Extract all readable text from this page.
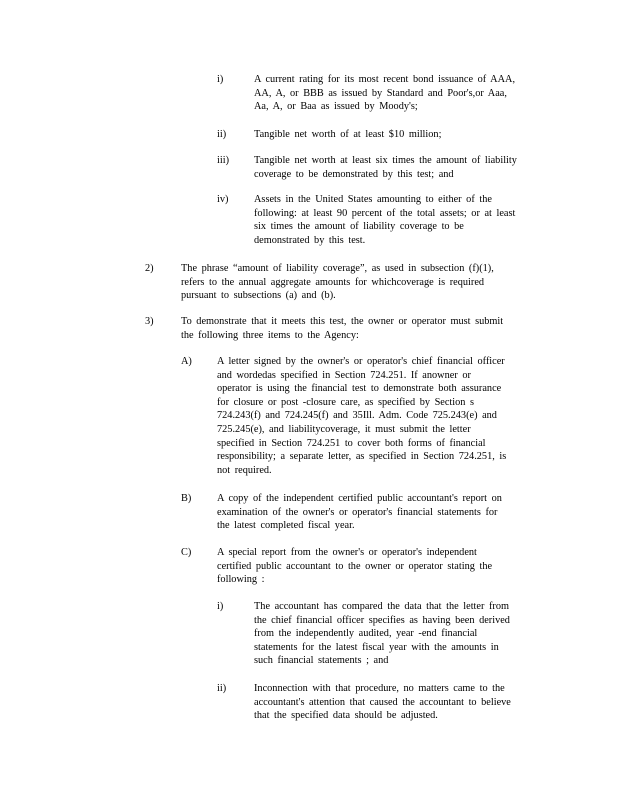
i)	A current rating for its most recent bond issuance of AAA,

AA, A, or BBB as issued by Standard and Poor's,or Aaa,

Aa, A, or Baa as issued by Moody's;

ii)	Tangible net worth of at least $10 million;

iii) Tangible net worth at least six times the amount of liability

coverage to be demonstrated by this test; and

iv) Assets in the United States amounting to either of the

following: at least 90 percent of the total assets; or at least

six times the amount of liability coverage to be

demonstrated by this test.

2)	The phrase “amount of liability coverage”, as used in subsection (f)(1),

refers to the annual aggregate amounts for whichcoverage is required

pursuant to subsections (a) and (b).

3)	To demonstrate that it meets this test, the owner or operator must submit

the following three items to the Agency:

A) A letter signed by the owner's or operator's chief financial officer

and wordedas specified in Section 724.251. If anowner or

operator is using the financial test to demonstrate both assurance

for closure or post -closure care, as specified by Section s

724.243(f) and 724.245(f) and 35Ill. Adm. Code 725.243(e) and

725.245(e), and liabilitycoverage, it must submit the letter

specified in Section 724.251 to cover both forms of financial

responsibility; a separate letter, as specified in Section 724.251, is

not required.

B) A copy of the independent certified public accountant's report on

examination of the owner's or operator's financial statements for

the latest completed fiscal year.

C) A special report from the owner's or operator's independent

certified public accountant to the owner or operator stating the

following :

i)	The accountant has compared the data that the letter from

the chief financial officer specifies as having been derived

from the independently audited, year -end financial

statements for the latest fiscal year with the amounts in

such financial statements ; and

ii)	Inconnection with that procedure, no matters came to the

accountant's attention that caused the accountant to believe

that the specified data should be adjusted.
